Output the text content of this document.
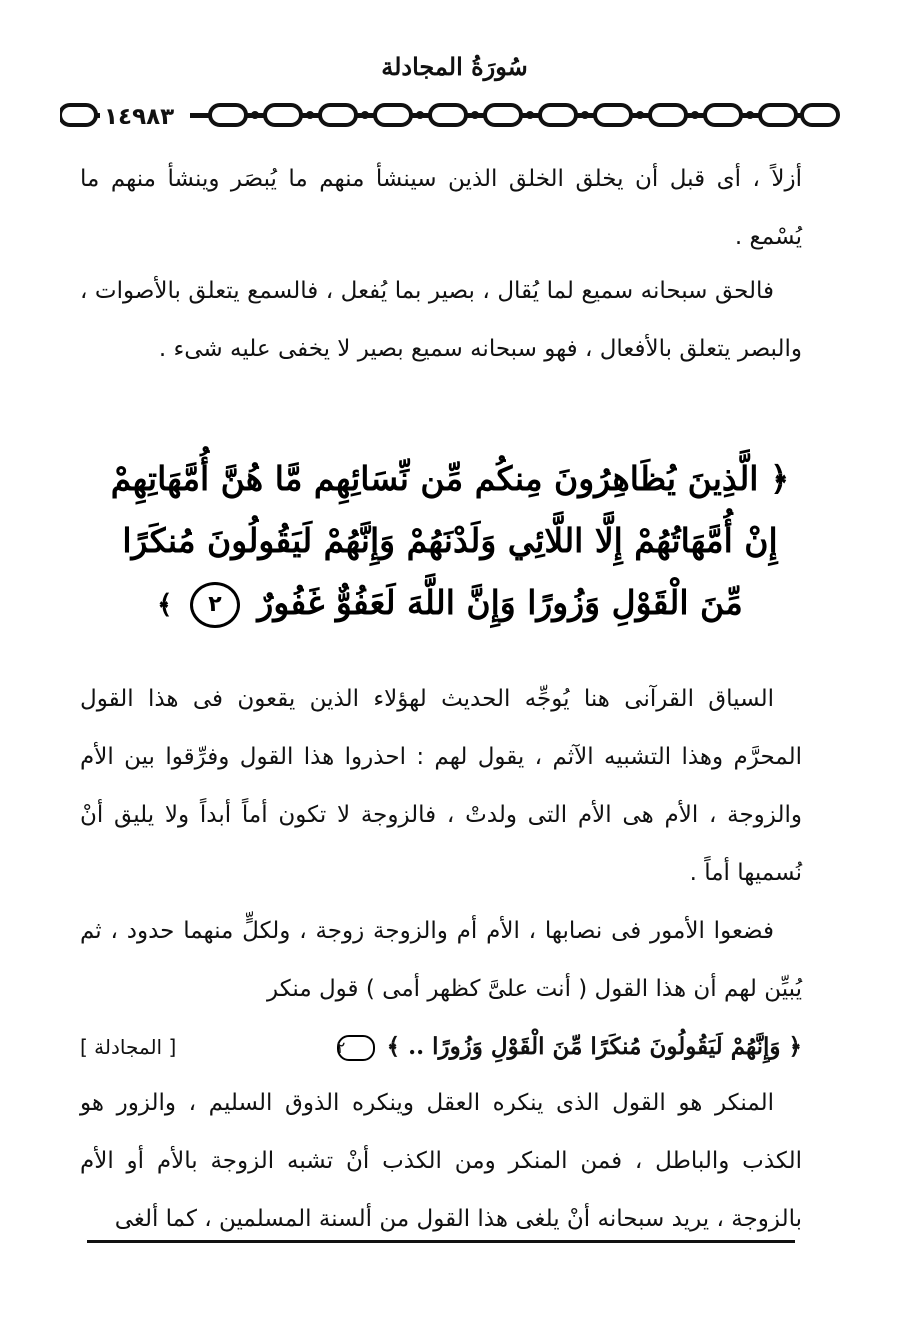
سُورَةُ المجادلة
١٤٩٨٣

أزلاً ، أى قبل أن يخلق الخلق الذين سينشأ منهم ما يُبصَر وينشأ منهم ما يُسْمع .

فالحق سبحانه سميع لما يُقال ، بصير بما يُفعل ، فالسمع يتعلق بالأصوات ، والبصر يتعلق بالأفعال ، فهو سبحانه سميع بصير لا يخفى عليه شىء .

﴿ الَّذِينَ يُظَاهِرُونَ مِنكُم مِّن نِّسَائِهِم مَّا هُنَّ أُمَّهَاتِهِمْ
إِنْ أُمَّهَاتُهُمْ إِلَّا اللَّائِي وَلَدْنَهُمْ وَإِنَّهُمْ لَيَقُولُونَ مُنكَرًا
مِّنَ الْقَوْلِ وَزُورًا وَإِنَّ اللَّهَ لَعَفُوٌّ غَفُورٌ ٢ ﴾

السياق القرآنى هنا يُوجِّه الحديث لهؤلاء الذين يقعون فى هذا القول المحرَّم وهذا التشبيه الآثم ، يقول لهم : احذروا هذا القول وفرِّقوا بين الأم والزوجة ، الأم هى الأم التى ولدتْ ، فالزوجة لا تكون أماً أبداً ولا يليق أنْ نُسميها أماً .

فضعوا الأمور فى نصابها ، الأم أم والزوجة زوجة ، ولكلٍّ منهما حدود ، ثم يُبيِّن لهم أن هذا القول ( أنت علىَّ كظهر أمى ) قول منكر
﴿ وَإِنَّهُمْ لَيَقُولُونَ مُنكَرًا مِّنَ الْقَوْلِ وَزُورًا .. ﴾ ٢
[ المجادلة ]

المنكر هو القول الذى ينكره العقل وينكره الذوق السليم ، والزور هو الكذب والباطل ، فمن المنكر ومن الكذب أنْ تشبه الزوجة بالأم أو الأم بالزوجة ، يريد سبحانه أنْ يلغى هذا القول من ألسنة المسلمين ، كما ألغى
